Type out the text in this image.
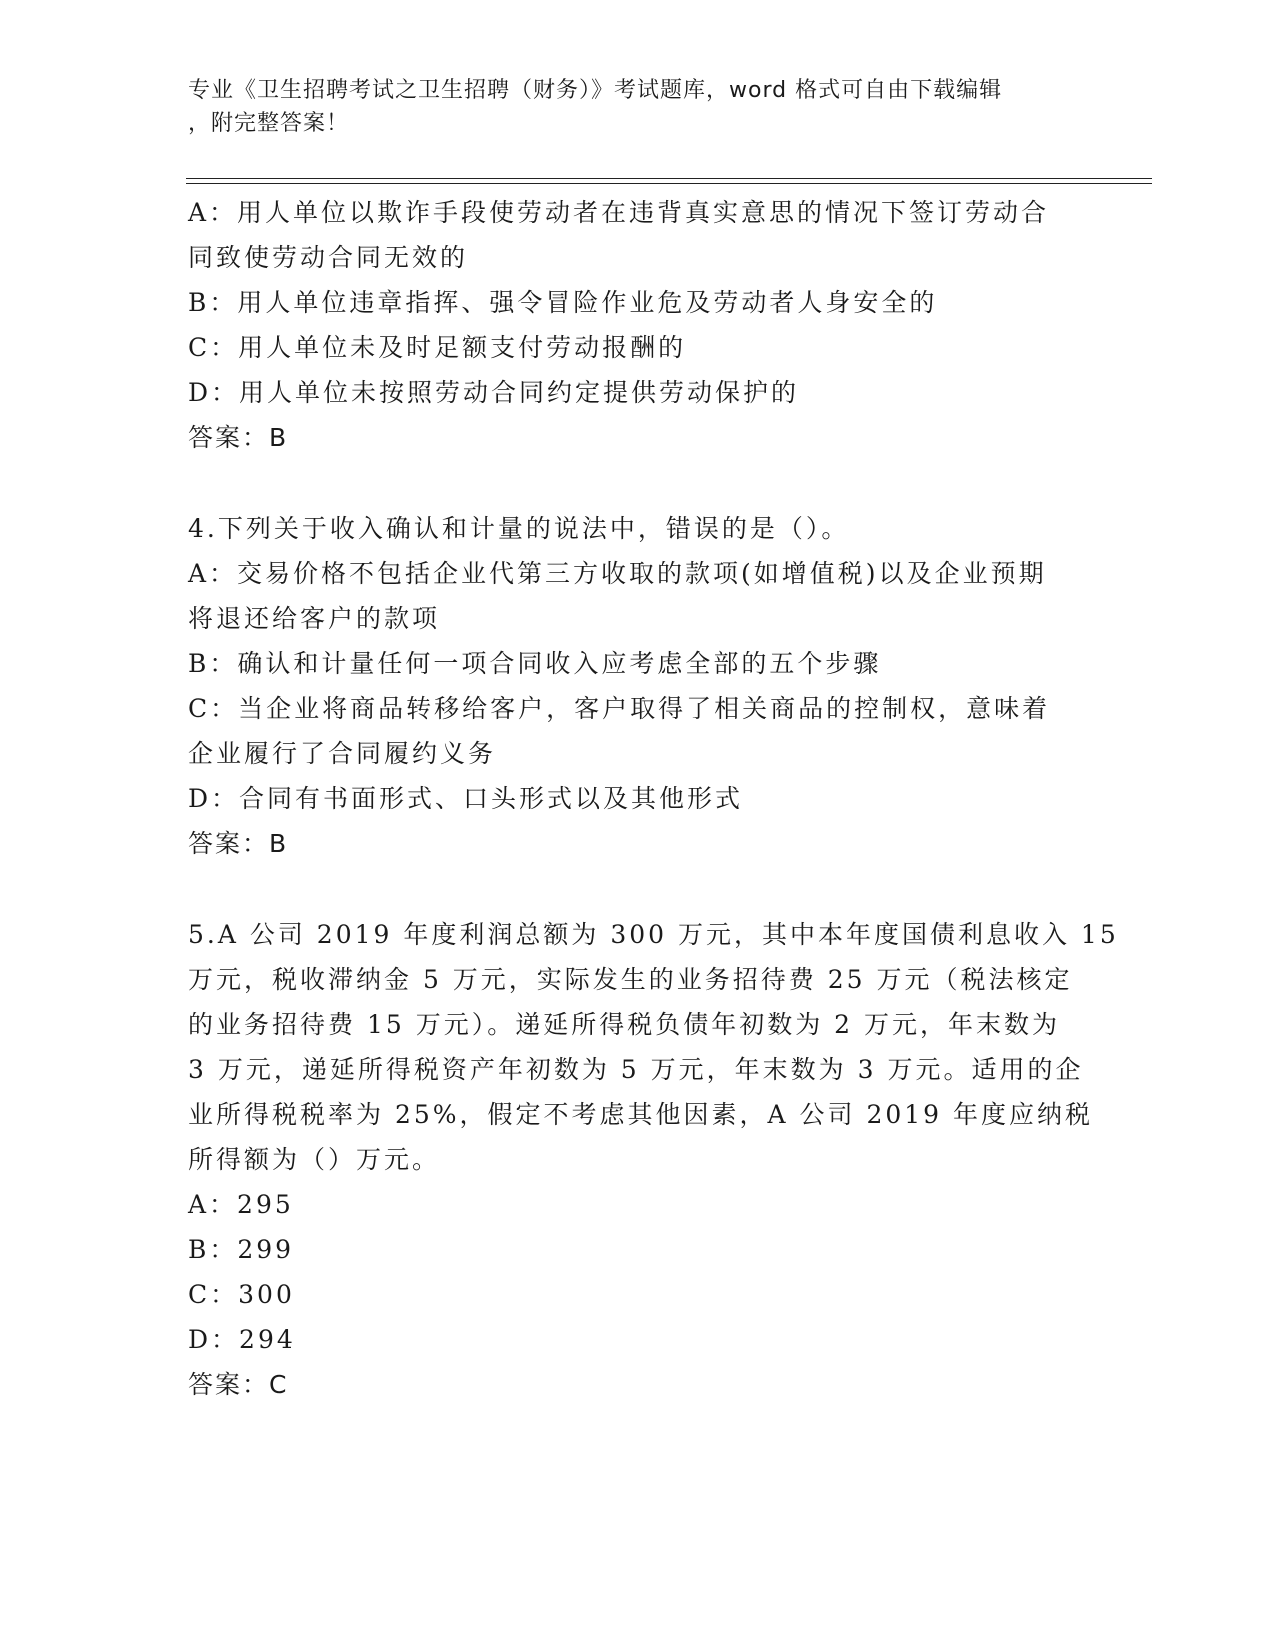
专业《卫生招聘考试之卫生招聘（财务）》考试题库，word 格式可自由下载编辑
，附完整答案！
A：用人单位以欺诈手段使劳动者在违背真实意思的情况下签订劳动合
同致使劳动合同无效的
B：用人单位违章指挥、强令冒险作业危及劳动者人身安全的
C：用人单位未及时足额支付劳动报酬的
D：用人单位未按照劳动合同约定提供劳动保护的
答案：B
4.下列关于收入确认和计量的说法中，错误的是（）。
A：交易价格不包括企业代第三方收取的款项(如增值税)以及企业预期
将退还给客户的款项
B：确认和计量任何一项合同收入应考虑全部的五个步骤
C：当企业将商品转移给客户，客户取得了相关商品的控制权，意味着
企业履行了合同履约义务
D：合同有书面形式、口头形式以及其他形式
答案：B
5.A 公司 2019 年度利润总额为 300 万元，其中本年度国债利息收入 15
万元，税收滞纳金 5 万元，实际发生的业务招待费 25 万元（税法核定
的业务招待费 15 万元）。递延所得税负债年初数为 2 万元，年末数为
3 万元，递延所得税资产年初数为 5 万元，年末数为 3 万元。适用的企
业所得税税率为 25%，假定不考虑其他因素，A 公司 2019 年度应纳税
所得额为（）万元。
A：295
B：299
C：300
D：294
答案：C
